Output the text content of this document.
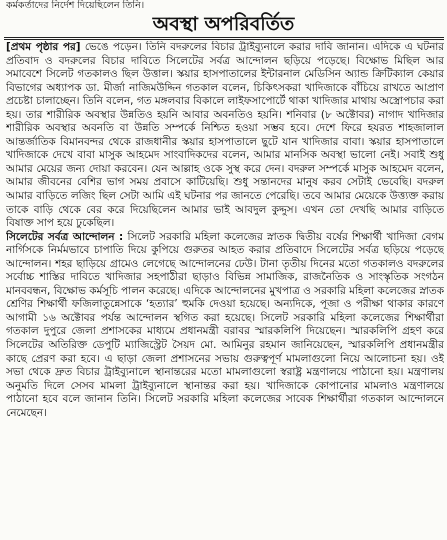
কর্মকর্তাদের নির্দেশ দিয়েছিলেন তিনি।
অবস্থা অপরিবর্তিত

[প্রথম পৃষ্ঠার পর] ভেঙে পড়েন। তিনি বদরুলের বিচার ট্রাইব্যুনালে করার দাবি জানান। এদিকে এ ঘটনার প্রতিবাদ ও বদরুলের বিচার দাবিতে সিলেটের সর্বত্র আন্দোলন ছড়িয়ে পড়েছে। বিক্ষোভ মিছিল আর সমাবেশে সিলেট গতকালও ছিল উত্তাল। স্কয়ার হাসপাতালের ইন্টারনাল মেডিসিন অ্যান্ড ক্রিটিক্যাল কেয়ার বিভাগের অধ্যাপক ডা. মীর্জা নাজিমউদ্দিন গতকাল বলেন, চিকিৎসকরা খাদিজাকে বাঁচিয়ে রাখতে আপ্রাণ প্রচেষ্টা চালাচ্ছেন। তিনি বলেন, গত মঙ্গলবার বিকালে লাইফসাপোর্টে থাকা খাদিজার মাথায় অস্ত্রোপচার করা হয়। তার শারীরিক অবস্থার উন্নতিও হয়নি আবার অবনতিও হয়নি। শনিবার (৮ অক্টোবর) নাগাদ খাদিজার শারীরিক অবস্থার অবনতি বা উন্নতি সম্পর্কে নিশ্চিত হওয়া সম্ভব হবে। দেশে ফিরে হযরত শাহজালাল আন্তর্জাতিক বিমানবন্দর থেকে রাজধানীর স্কয়ার হাসপাতালে ছুটে যান খাদিজার বাবা। স্কয়ার হাসপাতালে খাদিজাকে দেখে বাবা মাসুক আহমেদ সাংবাদিকদের বলেন, আমার মানসিক অবস্থা ভালো নেই। সবাই শুধু আমার মেয়ের জন্য দোয়া করবেন। যেন আল্লাহ ওকে সুস্থ করে দেন। বদরুল সম্পর্কে মাসুক আহমেদ বলেন, আমার জীবনের বেশির ভাগ সময় প্রবাসে কাটিয়েছি। শুধু সন্তানদের মানুষ করব সেটাই ভেবেছি। বদরুল আমার বাড়িতে লজিং ছিল সেটা আমি এই ঘটনার পর জানতে পেরেছি। তবে আমার মেয়েকে উত্ত্যক্ত করায় তাকে বাড়ি থেকে বের করে দিয়েছিলেন আমার ভাই আবদুল কুদ্দুস। এখন তো দেখছি আমার বাড়িতে বিষাক্ত সাপ হয়ে ঢুকেছিল।

সিলেটের সর্বত্র আন্দোলন : সিলেট সরকারি মহিলা কলেজের স্নাতক দ্বিতীয় বর্ষের শিক্ষার্থী খাদিজা বেগম নার্গিসকে নির্মমভাবে চাপাতি দিয়ে কুপিয়ে গুরুতর আহত করার প্রতিবাদে সিলেটের সর্বত্র ছড়িয়ে পড়েছে আন্দোলন। শহর ছাড়িয়ে গ্রামেও লেগেছে আন্দোলনের ঢেউ। টানা তৃতীয় দিনের মতো গতকালও বদরুলের সর্বোচ্চ শাস্তির দাবিতে খাদিজার সহপাঠীরা ছাড়াও বিভিন্ন সামাজিক, রাজনৈতিক ও সাংস্কৃতিক সংগঠন মানববন্ধন, বিক্ষোভ কর্মসূচি পালন করেছে। এদিকে আন্দোলনের মুখপাত্র ও সরকারি মহিলা কলেজের স্নাতক শ্রেণির শিক্ষার্থী ফজিলাতুন্নেসাকে ‘হত্যার’ হুমকি দেওয়া হয়েছে। অন্যদিকে, পূজা ও পরীক্ষা থাকার কারণে আগামী ১৬ অক্টোবর পর্যন্ত আন্দোলন স্থগিত করা হয়েছে। সিলেট সরকারি মহিলা কলেজের শিক্ষার্থীরা গতকাল দুপুরে জেলা প্রশাসকের মাধ্যমে প্রধানমন্ত্রী বরাবর স্মারকলিপি দিয়েছেন। স্মারকলিপি গ্রহণ করে সিলেটের অতিরিক্ত ডেপুটি ম্যাজিস্ট্রেট সৈয়দ মো. আমিনুর রহমান জানিয়েছেন, স্মারকলিপি প্রধানমন্ত্রীর কাছে প্রেরণ করা হবে। এ ছাড়া জেলা প্রশাসনের সভায় গুরুত্বপূর্ণ মামলাগুলো নিয়ে আলোচনা হয়। ওই সভা থেকে দ্রুত বিচার ট্রাইব্যুনালে স্থানান্তরের মতো মামলাগুলো স্বরাষ্ট্র মন্ত্রণালয়ে পাঠানো হয়। মন্ত্রণালয় অনুমতি দিলে সেসব মামলা ট্রাইব্যুনালে স্থানান্তর করা হয়। খাদিজাকে কোপানোর মামলাও মন্ত্রণালয়ে পাঠানো হবে বলে জানান তিনি। সিলেট সরকারি মহিলা কলেজের সাবেক শিক্ষার্থীরা গতকাল আন্দোলনে নেমেছেন।
